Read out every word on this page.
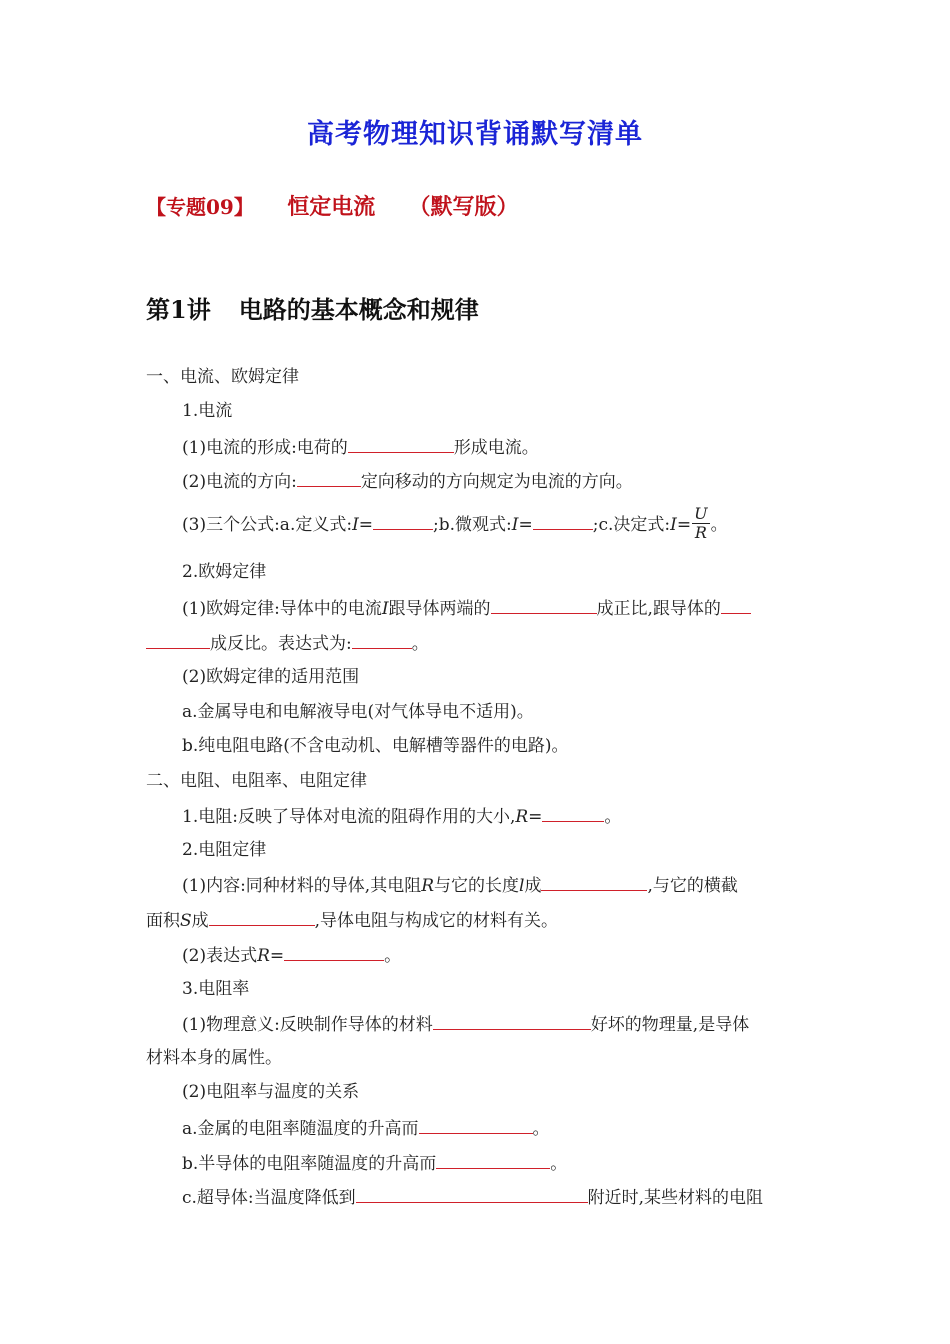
高考物理知识背诵默写清单
【专题09】 恒定电流 （默写版）
第1讲 电路的基本概念和规律
一、电流、欧姆定律
1.电流
(1)电流的形成:电荷的	形成电流。
(2)电流的方向:	定向移动的方向规定为电流的方向。
(3)三个公式:a.定义式:I=	;b.微观式:I=	;c.决定式:I= $\frac{U}{R}$ 。
2.欧姆定律
(1)欧姆定律:导体中的电流I跟导体两端的	成正比,跟导体的
成反比。表达式为:	。
(2)欧姆定律的适用范围
a.金属导电和电解液导电(对气体导电不适用)。
b.纯电阻电路(不含电动机、电解槽等器件的电路)。
二、电阻、电阻率、电阻定律
1.电阻:反映了导体对电流的阻碍作用的大小,R=	。
2.电阻定律
(1)内容:同种材料的导体,其电阻R与它的长度l成	,与它的横截
面积S成	,导体电阻与构成它的材料有关。
(2)表达式R=	。
3.电阻率
(1)物理意义:反映制作导体的材料	好坏的物理量,是导体
材料本身的属性。
(2)电阻率与温度的关系
a.金属的电阻率随温度的升高而	。
b.半导体的电阻率随温度的升高而	。
c.超导体:当温度降低到	附近时,某些材料的电阻
